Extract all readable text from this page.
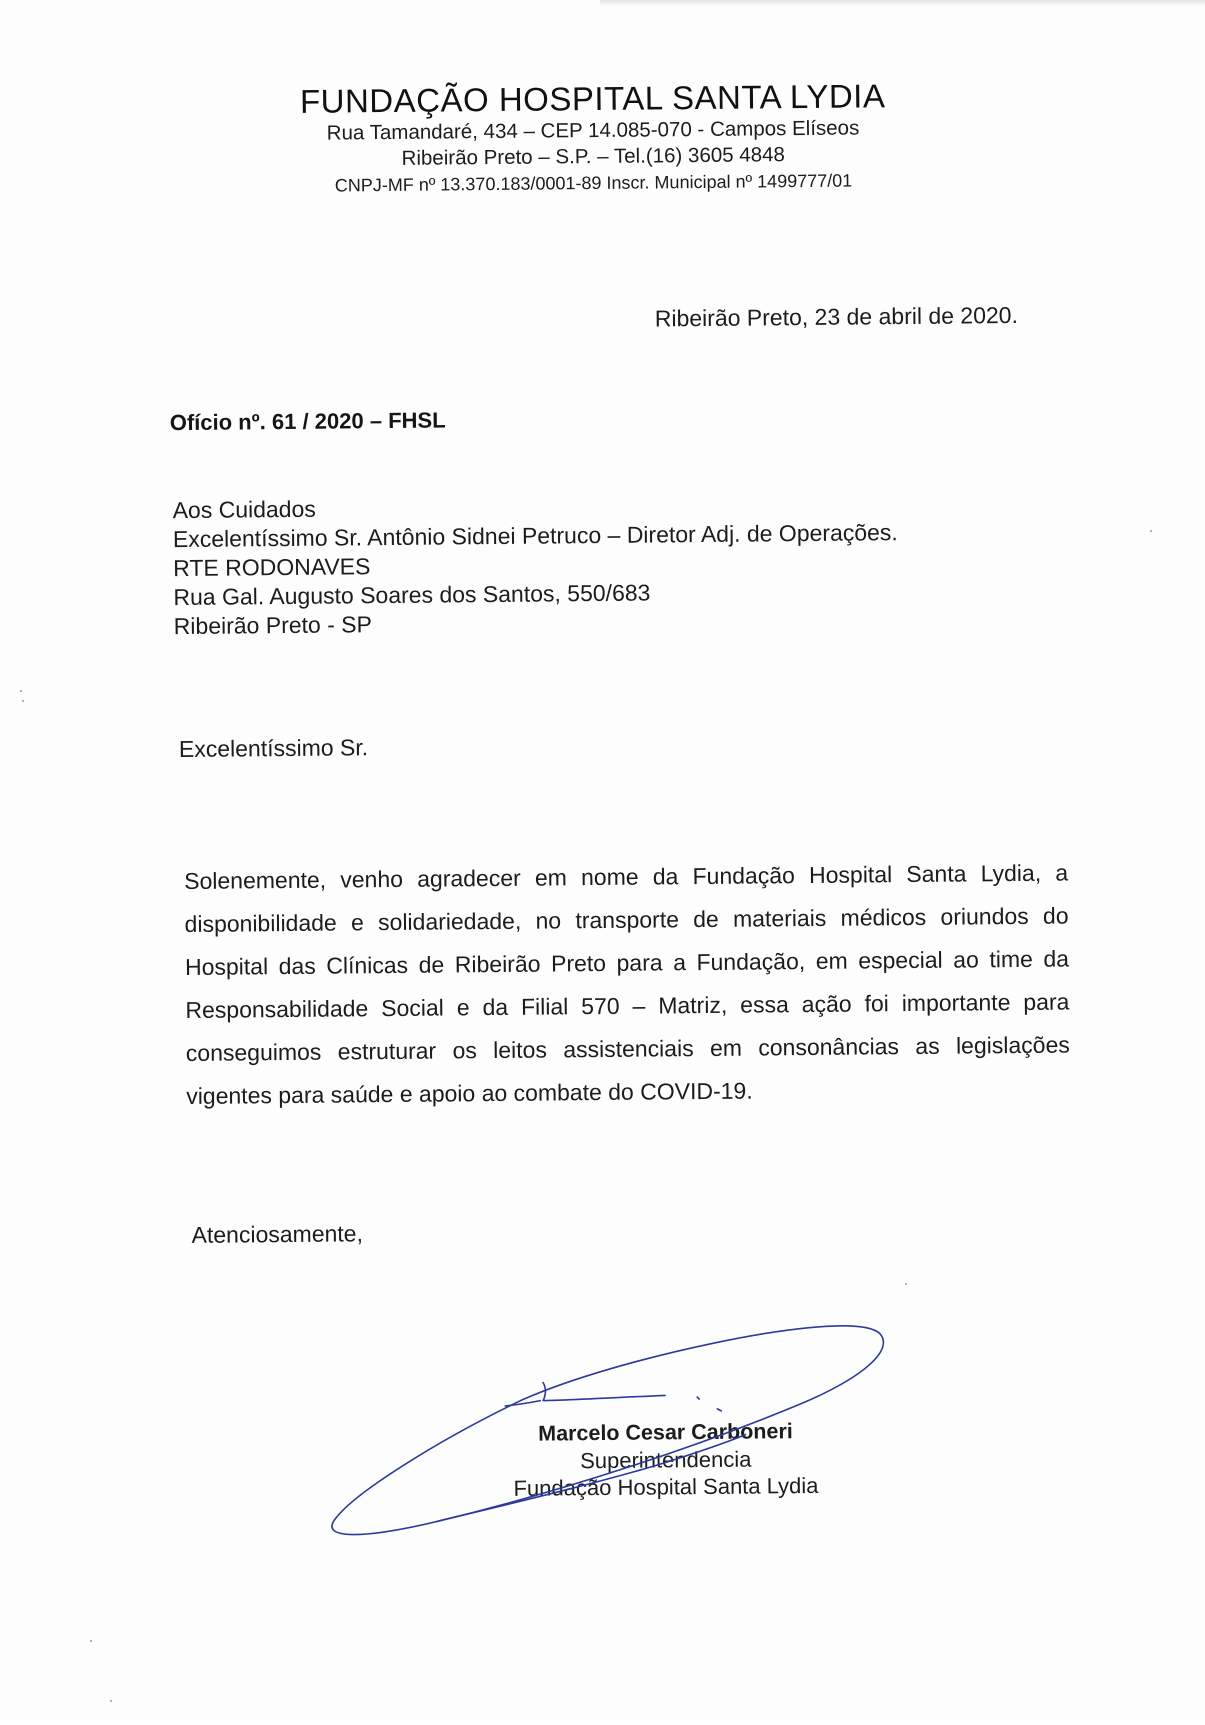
FUNDAÇÃO HOSPITAL SANTA LYDIA
Rua Tamandaré, 434 – CEP 14.085-070 - Campos Elíseos
Ribeirão Preto – S.P. – Tel.(16) 3605 4848
CNPJ-MF nº 13.370.183/0001-89 Inscr. Municipal nº 1499777/01
Ribeirão Preto, 23 de abril de 2020.
Ofício nº. 61 / 2020 – FHSL
Aos Cuidados
Excelentíssimo Sr. Antônio Sidnei Petruco – Diretor Adj. de Operações.
RTE RODONAVES
Rua Gal. Augusto Soares dos Santos, 550/683
Ribeirão Preto - SP
Excelentíssimo Sr.
Solenemente, venho agradecer em nome da Fundação Hospital Santa Lydia, a disponibilidade e solidariedade, no transporte de materiais médicos oriundos do Hospital das Clínicas de Ribeirão Preto para a Fundação, em especial ao time da Responsabilidade Social e da Filial 570 – Matriz, essa ação foi importante para conseguimos estruturar os leitos assistenciais em consonâncias as legislações vigentes para saúde e apoio ao combate do COVID-19.
Atenciosamente,
Marcelo Cesar Carboneri
Superintendencia
Fundação Hospital Santa Lydia
